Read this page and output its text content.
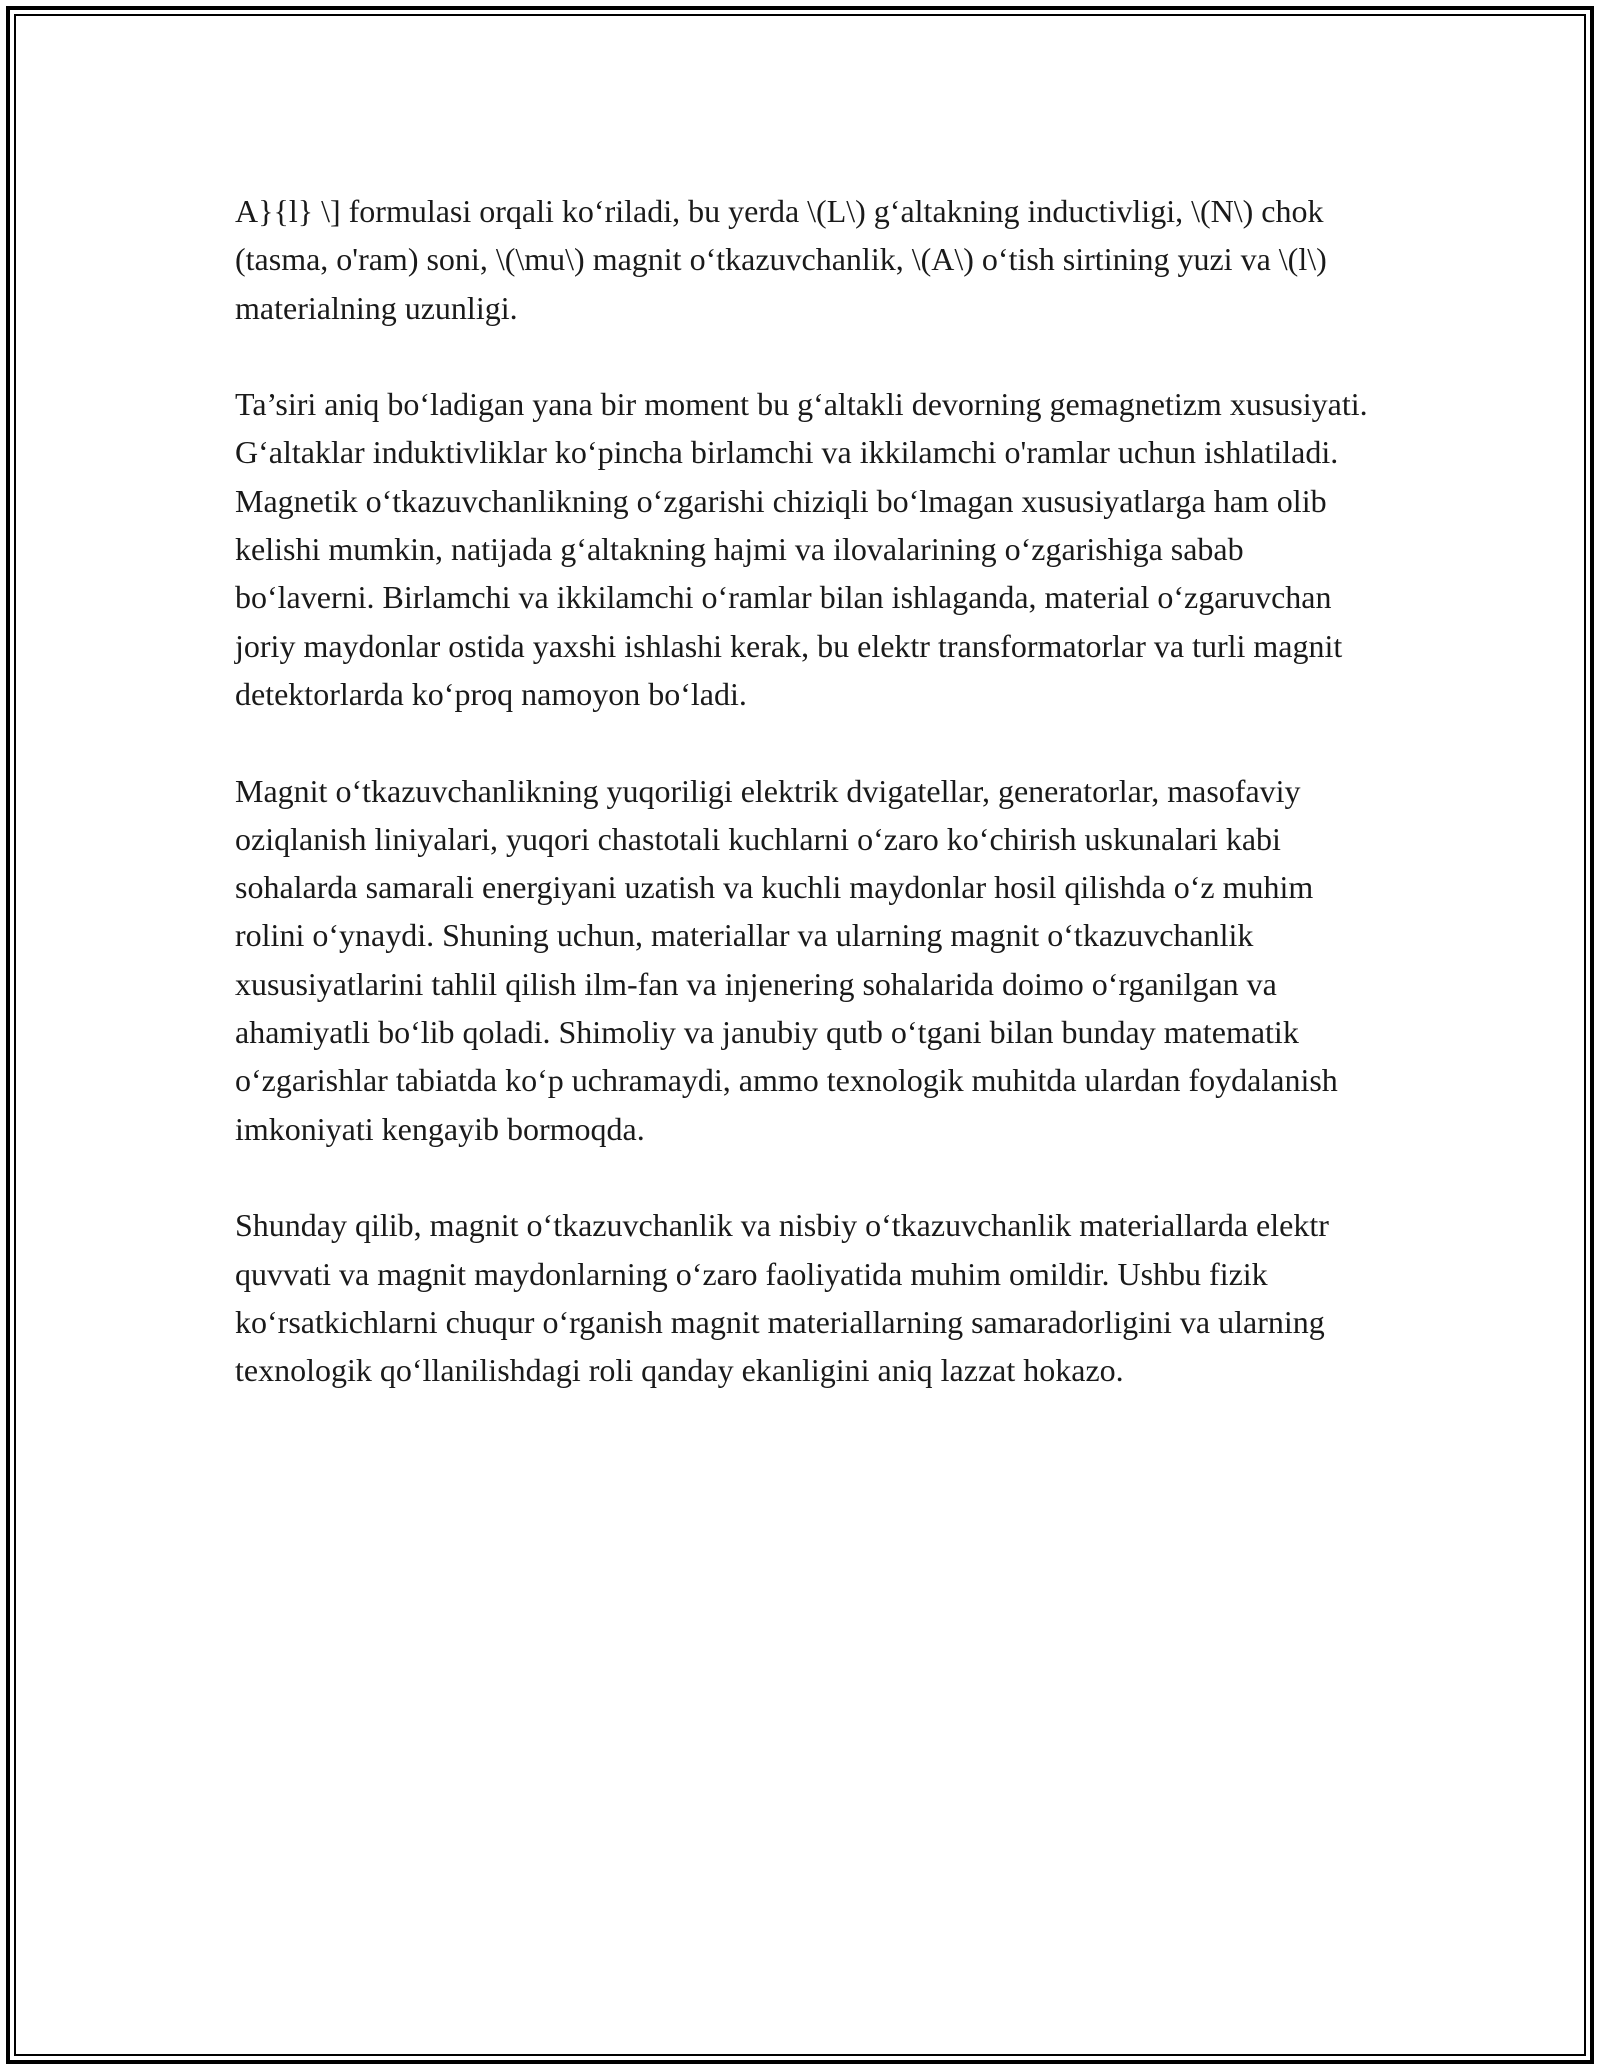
A}{l} \] formulasi orqali ko‘riladi, bu yerda \(L\) g‘altakning inductivligi, \(N\) chok (tasma, o'ram) soni, \(\mu\) magnit o‘tkazuvchanlik, \(A\) o‘tish sirtining yuzi va \(l\) materialning uzunligi.

Ta’siri aniq bo‘ladigan yana bir moment bu g‘altakli devorning gemagnetizm xususiyati. G‘altaklar induktivliklar ko‘pincha birlamchi va ikkilamchi o'ramlar uchun ishlatiladi. Magnetik o‘tkazuvchanlikning o‘zgarishi chiziqli bo‘lmagan xususiyatlarga ham olib kelishi mumkin, natijada g‘altakning hajmi va ilovalarining o‘zgarishiga sabab bo‘laverni. Birlamchi va ikkilamchi o‘ramlar bilan ishlaganda, material o‘zgaruvchan joriy maydonlar ostida yaxshi ishlashi kerak, bu elektr transformatorlar va turli magnit detektorlarda ko‘proq namoyon bo‘ladi.

Magnit o‘tkazuvchanlikning yuqoriligi elektrik dvigatellar, generatorlar, masofaviy oziqlanish liniyalari, yuqori chastotali kuchlarni o‘zaro ko‘chirish uskunalari kabi sohalarda samarali energiyani uzatish va kuchli maydonlar hosil qilishda o‘z muhim rolini o‘ynaydi. Shuning uchun, materiallar va ularning magnit o‘tkazuvchanlik xususiyatlarini tahlil qilish ilm-fan va injenering sohalarida doimo o‘rganilgan va ahamiyatli bo‘lib qoladi. Shimoliy va janubiy qutb o‘tgani bilan bunday matematik o‘zgarishlar tabiatda ko‘p uchramaydi, ammo texnologik muhitda ulardan foydalanish imkoniyati kengayib bormoqda.

Shunday qilib, magnit o‘tkazuvchanlik va nisbiy o‘tkazuvchanlik materiallarda elektr quvvati va magnit maydonlarning o‘zaro faoliyatida muhim omildir. Ushbu fizik ko‘rsatkichlarni chuqur o‘rganish magnit materiallarning samaradorligini va ularning texnologik qo‘llanilishdagi roli qanday ekanligini aniq lazzat hokazo.
